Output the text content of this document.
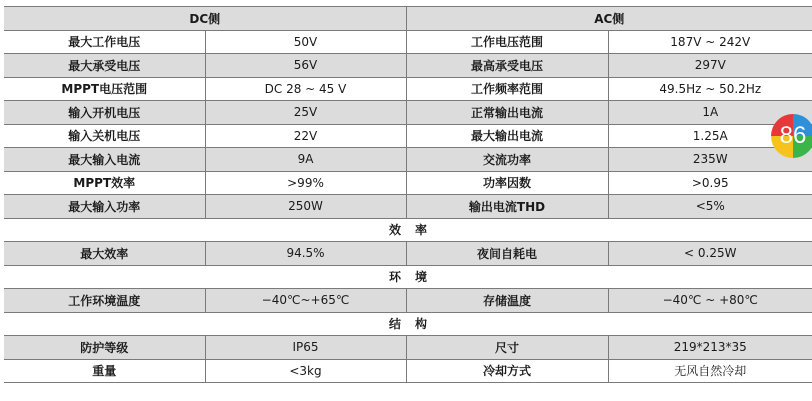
DC侧		AC侧	
最大工作电压	50V	工作电压范围	187V ~ 242V
最大承受电压	56V	最高承受电压	297V
MPPT电压范围	DC 28 ~ 45 V	工作频率范围	49.5Hz ~ 50.2Hz
输入开机电压	25V	正常输出电流	1A
输入关机电压	22V	最大输出电流	1.25A
最大输入电流	9A	交流功率	235W
MPPT效率	>99%	功率因数	>0.95
最大输入功率	250W	输出电流THD	<5%
效率			
最大效率	94.5%	夜间自耗电	< 0.25W
环境			
工作环境温度	−40℃~+65℃	存储温度	−40℃ ~ +80℃
结构			
防护等级	IP65	尺寸	219*213*35
重量	<3kg	冷却方式	无风自然冷却
86
